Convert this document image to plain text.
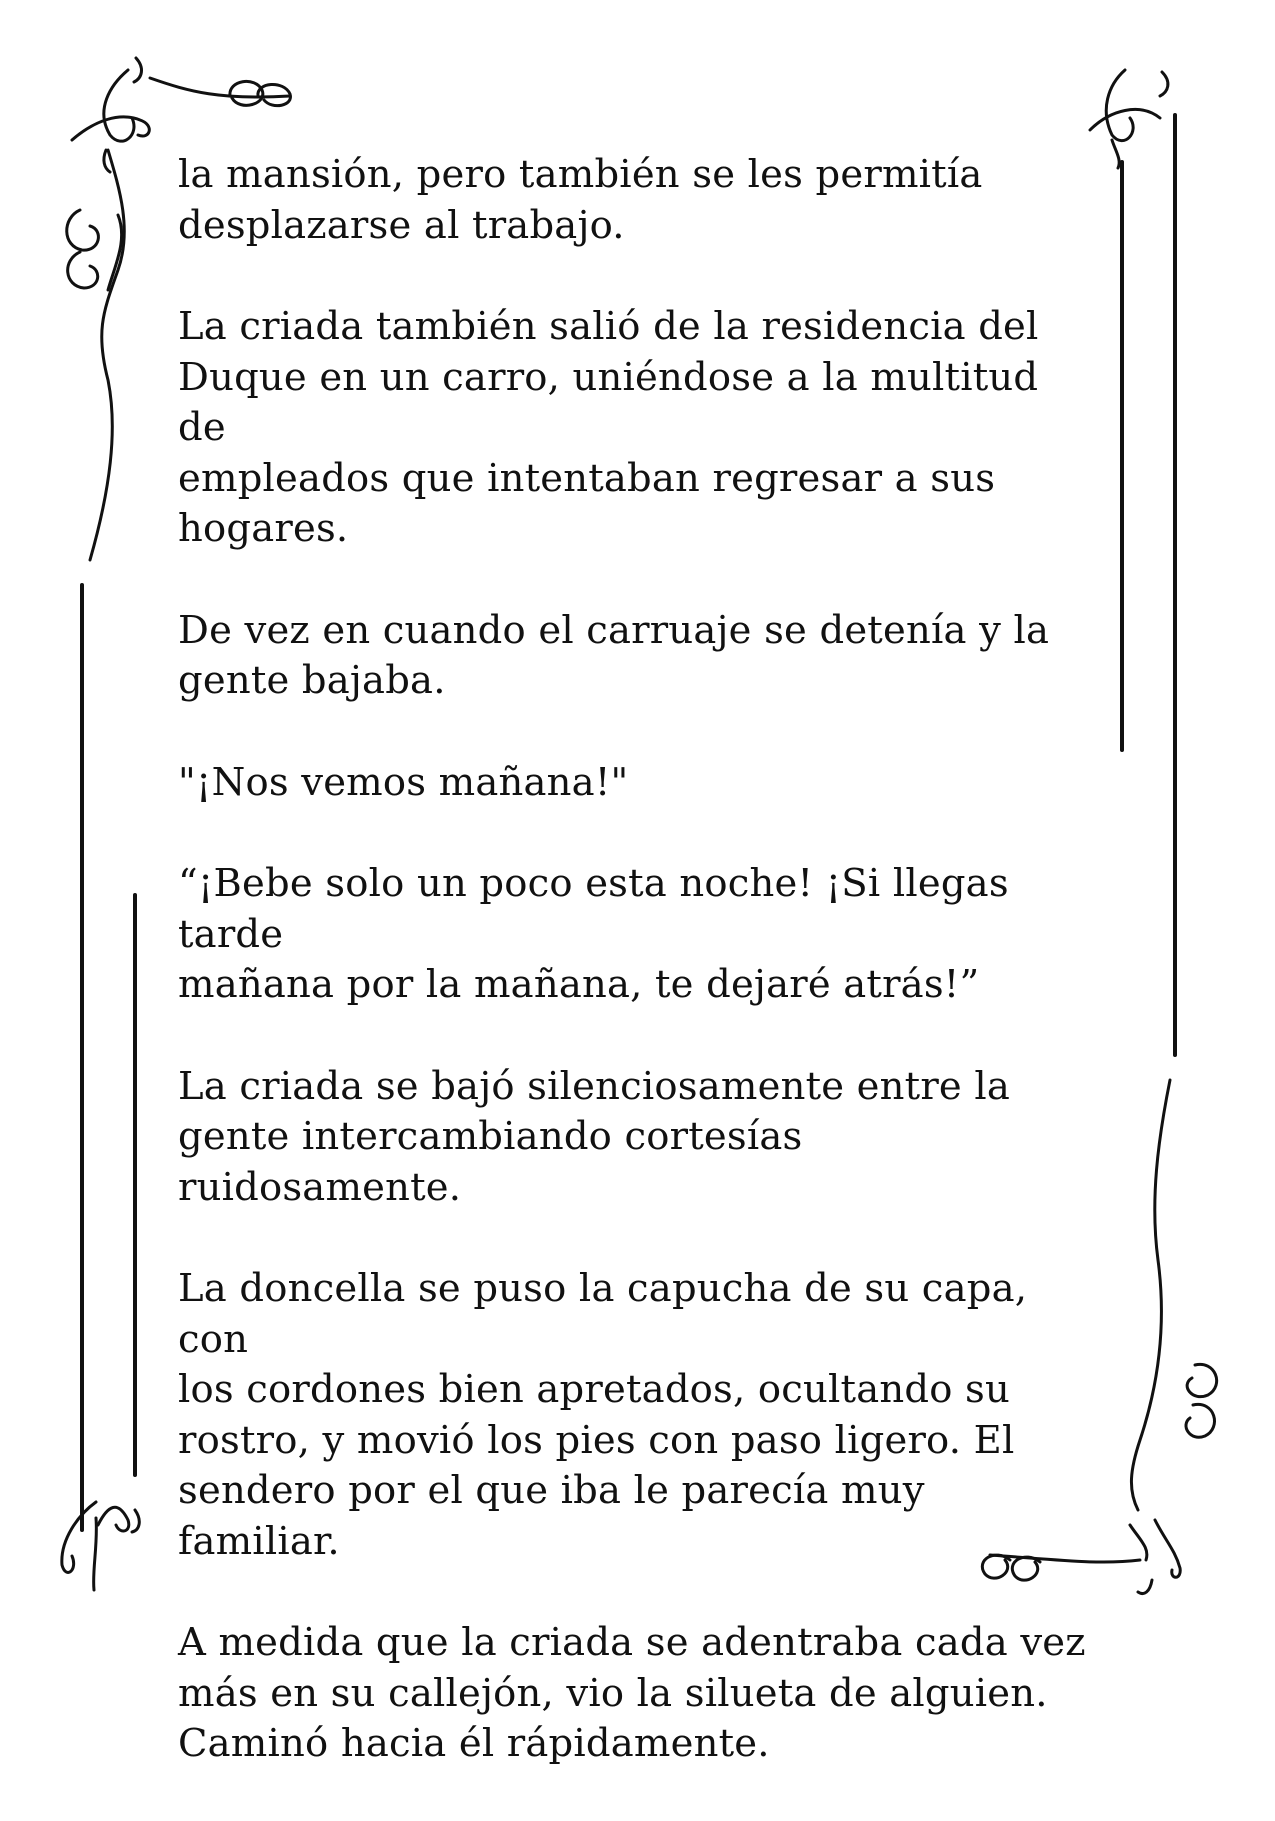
la mansión, pero también se les permitía
desplazarse al trabajo.

La criada también salió de la residencia del
Duque en un carro, uniéndose a la multitud de
empleados que intentaban regresar a sus
hogares.

De vez en cuando el carruaje se detenía y la
gente bajaba.

"¡Nos vemos mañana!"

“¡Bebe solo un poco esta noche! ¡Si llegas tarde
mañana por la mañana, te dejaré atrás!”

La criada se bajó silenciosamente entre la
gente intercambiando cortesías ruidosamente.

La doncella se puso la capucha de su capa, con
los cordones bien apretados, ocultando su
rostro, y movió los pies con paso ligero. El
sendero por el que iba le parecía muy familiar.

A medida que la criada se adentraba cada vez
más en su callejón, vio la silueta de alguien.
Caminó hacia él rápidamente.
